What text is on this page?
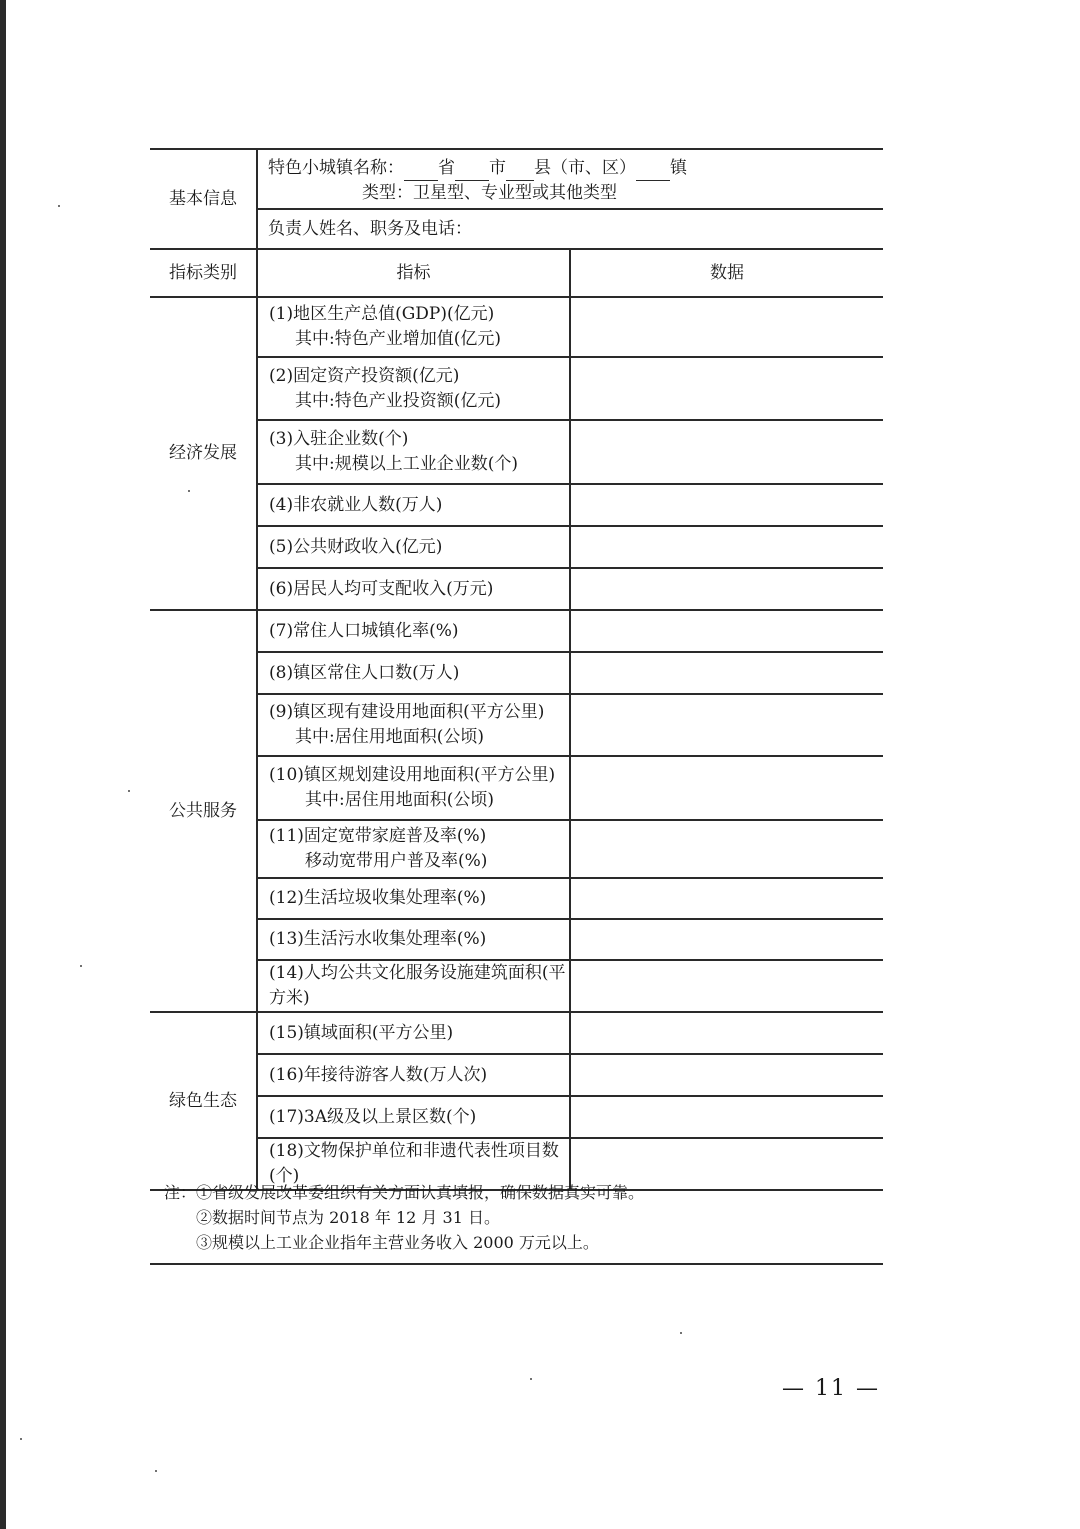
基本信息	特色小城镇名称： 省 市 县（市、区） 镇
类型：卫星型、专业型或其他类型	

	负责人姓名、职务及电话：	
指标类别	指标	数据
经济发展	(1)地区生产总值(GDP)(亿元)
其中:特色产业增加值(亿元)	

	(2)固定资产投资额(亿元)
其中:特色产业投资额(亿元)	

	(3)入驻企业数(个)
其中:规模以上工业企业数(个)	

	(4)非农就业人数(万人)	

	(5)公共财政收入(亿元)	

	(6)居民人均可支配收入(万元)	

公共服务	(7)常住人口城镇化率(%)	

	(8)镇区常住人口数(万人)	

	(9)镇区现有建设用地面积(平方公里)
其中:居住用地面积(公顷)	

	(10)镇区规划建设用地面积(平方公里)
其中:居住用地面积(公顷)	

	(11)固定宽带家庭普及率(%)
移动宽带用户普及率(%)	

	(12)生活垃圾收集处理率(%)	

	(13)生活污水收集处理率(%)	

	(14)人均公共文化服务设施建筑面积(平方米)	

绿色生态	(15)镇域面积(平方公里)	

	(16)年接待游客人数(万人次)	

	(17)3A级及以上景区数(个)	

	(18)文物保护单位和非遗代表性项目数(个)	

注：①省级发展改革委组织有关方面认真填报，确保数据真实可靠。
②数据时间节点为 2018 年 12 月 31 日。
③规模以上工业企业指年主营业务收入 2000 万元以上。
— 11 —
